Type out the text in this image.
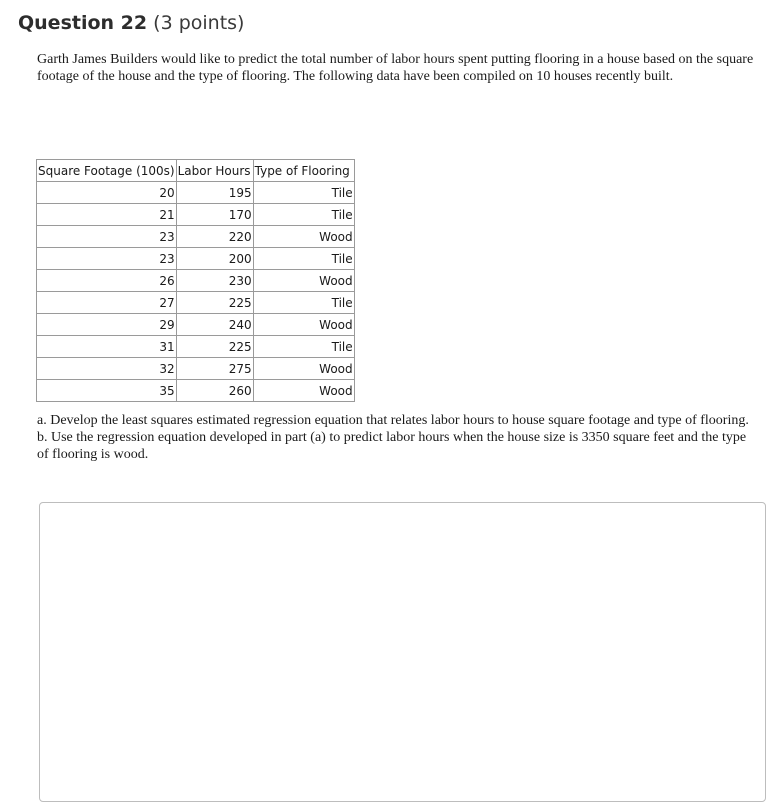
Question 22 (3 points)

Garth James Builders would like to predict the total number of labor hours spent putting flooring in a house based on the square footage of the house and the type of flooring. The following data have been compiled on 10 houses recently built.

Square Footage (100s)	Labor Hours	Type of Flooring
20	195	Tile
21	170	Tile
23	220	Wood
23	200	Tile
26	230	Wood
27	225	Tile
29	240	Wood
31	225	Tile
32	275	Wood
35	260	Wood

a. Develop the least squares estimated regression equation that relates labor hours to house square footage and type of flooring.

b. Use the regression equation developed in part (a) to predict labor hours when the house size is 3350 square feet and the type of flooring is wood.
